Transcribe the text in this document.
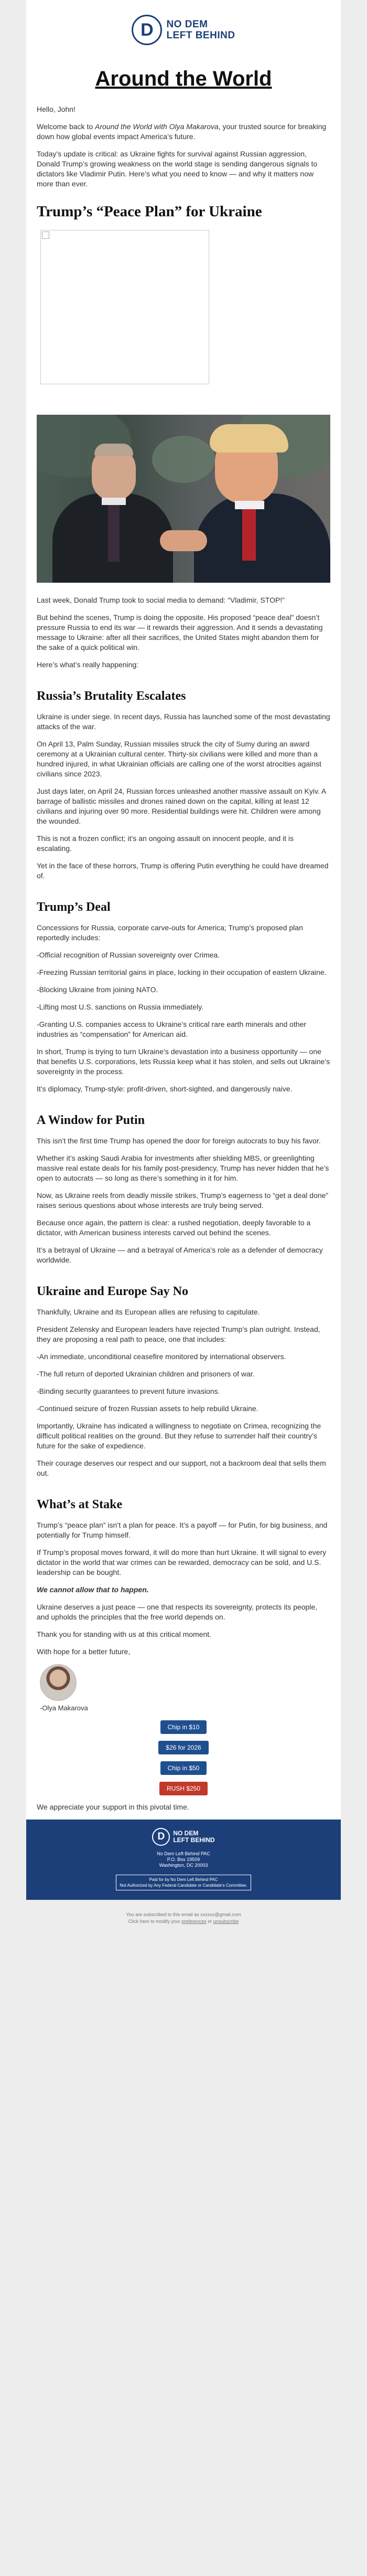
D NO DEM
LEFT BEHIND
Around the World

Hello, John!

Welcome back to Around the World with Olya Makarova, your trusted source for breaking down how global events impact America’s future.

Today’s update is critical: as Ukraine fights for survival against Russian aggression, Donald Trump’s growing weakness on the world stage is sending dangerous signals to dictators like Vladimir Putin. Here’s what you need to know — and why it matters now more than ever.

Trump’s “Peace Plan” for Ukraine

Last week, Donald Trump took to social media to demand: “Vladimir, STOP!”

But behind the scenes, Trump is doing the opposite. His proposed “peace deal” doesn’t pressure Russia to end its war — it rewards their aggression. And it sends a devastating message to Ukraine: after all their sacrifices, the United States might abandon them for the sake of a quick political win.

Here’s what’s really happening:

Russia’s Brutality Escalates

Ukraine is under siege. In recent days, Russia has launched some of the most devastating attacks of the war.

On April 13, Palm Sunday, Russian missiles struck the city of Sumy during an award ceremony at a Ukrainian cultural center. Thirty-six civilians were killed and more than a hundred injured, in what Ukrainian officials are calling one of the worst atrocities against civilians since 2023.

Just days later, on April 24, Russian forces unleashed another massive assault on Kyiv. A barrage of ballistic missiles and drones rained down on the capital, killing at least 12 civilians and injuring over 90 more. Residential buildings were hit. Children were among the wounded.

This is not a frozen conflict; it’s an ongoing assault on innocent people, and it is escalating.

Yet in the face of these horrors, Trump is offering Putin everything he could have dreamed of.

Trump’s Deal

Concessions for Russia, corporate carve-outs for America; Trump’s proposed plan reportedly includes:

-Official recognition of Russian sovereignty over Crimea.

-Freezing Russian territorial gains in place, locking in their occupation of eastern Ukraine.

-Blocking Ukraine from joining NATO.

-Lifting most U.S. sanctions on Russia immediately.

-Granting U.S. companies access to Ukraine’s critical rare earth minerals and other industries as “compensation” for American aid.

In short, Trump is trying to turn Ukraine’s devastation into a business opportunity — one that benefits U.S. corporations, lets Russia keep what it has stolen, and sells out Ukraine’s sovereignty in the process.

It’s diplomacy, Trump-style: profit-driven, short-sighted, and dangerously naive.

A Window for Putin

This isn’t the first time Trump has opened the door for foreign autocrats to buy his favor.

Whether it’s asking Saudi Arabia for investments after shielding MBS, or greenlighting massive real estate deals for his family post-presidency, Trump has never hidden that he’s open to autocrats — so long as there’s something in it for him.

Now, as Ukraine reels from deadly missile strikes, Trump’s eagerness to “get a deal done” raises serious questions about whose interests are truly being served.

Because once again, the pattern is clear: a rushed negotiation, deeply favorable to a dictator, with American business interests carved out behind the scenes.

It’s a betrayal of Ukraine — and a betrayal of America’s role as a defender of democracy worldwide.

Ukraine and Europe Say No

Thankfully, Ukraine and its European allies are refusing to capitulate.

President Zelensky and European leaders have rejected Trump’s plan outright. Instead, they are proposing a real path to peace, one that includes:

-An immediate, unconditional ceasefire monitored by international observers.

-The full return of deported Ukrainian children and prisoners of war.

-Binding security guarantees to prevent future invasions.

-Continued seizure of frozen Russian assets to help rebuild Ukraine.

Importantly, Ukraine has indicated a willingness to negotiate on Crimea, recognizing the difficult political realities on the ground. But they refuse to surrender half their country’s future for the sake of expedience.

Their courage deserves our respect and our support, not a backroom deal that sells them out.

What’s at Stake

Trump’s “peace plan” isn’t a plan for peace. It’s a payoff — for Putin, for big business, and potentially for Trump himself.

If Trump’s proposal moves forward, it will do more than hurt Ukraine. It will signal to every dictator in the world that war crimes can be rewarded, democracy can be sold, and U.S. leadership can be bought.

We cannot allow that to happen.

Ukraine deserves a just peace — one that respects its sovereignty, protects its people, and upholds the principles that the free world depends on.

Thank you for standing with us at this critical moment.

With hope for a better future,

-Olya Makarova
Chip in $10
$26 for 2026
Chip in $50
RUSH $250

We appreciate your support in this pivotal time.

D NO DEM
LEFT BEHIND
No Dem Left Behind PAC
P.O. Box 19509
Washington, DC 20003
Paid for by No Dem Left Behind PAC
Not Authorized by Any Federal Candidate or Candidate's Committee.
You are subscribed to this email as xxxxxx@gmail.com
Click here to modify your preferences or unsubscribe
